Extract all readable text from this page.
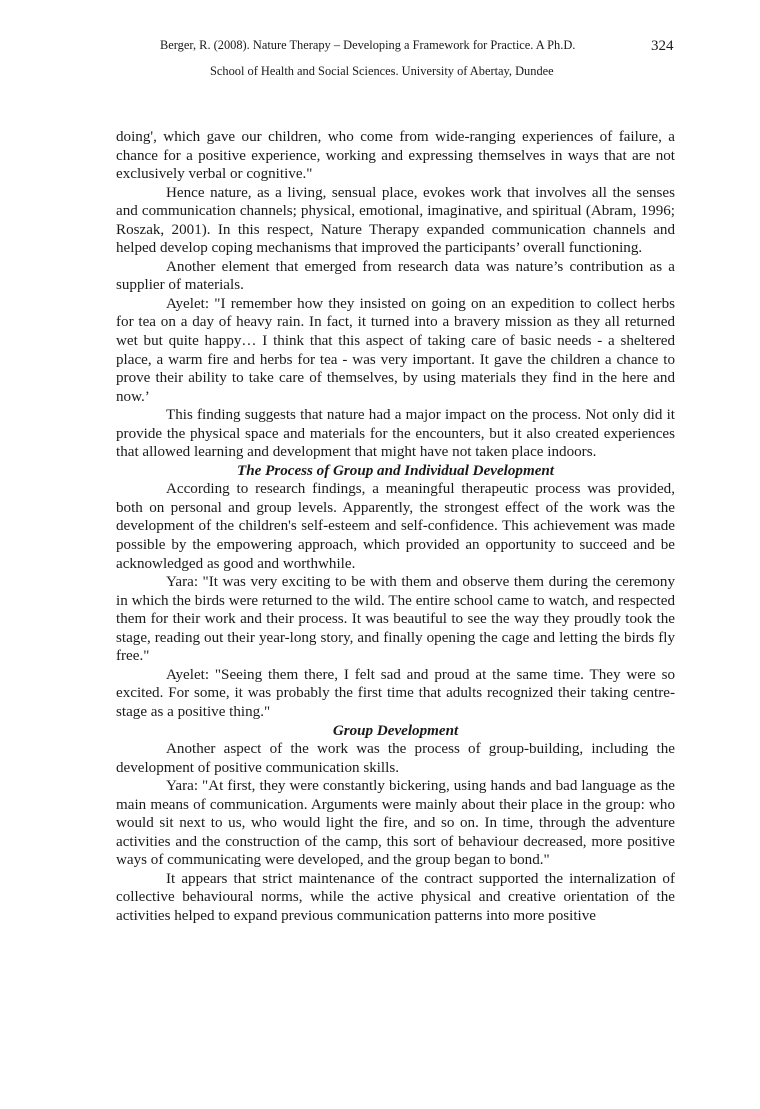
Berger, R. (2008). Nature Therapy – Developing a Framework for Practice. A Ph.D.
School of Health and Social Sciences. University of Abertay, Dundee
324

doing', which gave our children, who come from wide-ranging experiences of failure, a chance for a positive experience, working and expressing themselves in ways that are not exclusively verbal or cognitive."

Hence nature, as a living, sensual place, evokes work that involves all the senses and communication channels; physical, emotional, imaginative, and spiritual (Abram, 1996; Roszak, 2001). In this respect, Nature Therapy expanded communication channels and helped develop coping mechanisms that improved the participants’ overall functioning.

Another element that emerged from research data was nature’s contribution as a supplier of materials.

Ayelet: "I remember how they insisted on going on an expedition to collect herbs for tea on a day of heavy rain. In fact, it turned into a bravery mission as they all returned wet but quite happy… I think that this aspect of taking care of basic needs - a sheltered place, a warm fire and herbs for tea - was very important. It gave the children a chance to prove their ability to take care of themselves, by using materials they find in the here and now.’

This finding suggests that nature had a major impact on the process. Not only did it provide the physical space and materials for the encounters, but it also created experiences that allowed learning and development that might have not taken place indoors.

The Process of Group and Individual Development

According to research findings, a meaningful therapeutic process was provided, both on personal and group levels. Apparently, the strongest effect of the work was the development of the children's self-esteem and self-confidence. This achievement was made possible by the empowering approach, which provided an opportunity to succeed and be acknowledged as good and worthwhile.

Yara: "It was very exciting to be with them and observe them during the ceremony in which the birds were returned to the wild. The entire school came to watch, and respected them for their work and their process. It was beautiful to see the way they proudly took the stage, reading out their year-long story, and finally opening the cage and letting the birds fly free."

Ayelet: "Seeing them there, I felt sad and proud at the same time. They were so excited. For some, it was probably the first time that adults recognized their taking centre-stage as a positive thing."

Group Development

Another aspect of the work was the process of group-building, including the development of positive communication skills.

Yara: "At first, they were constantly bickering, using hands and bad language as the main means of communication. Arguments were mainly about their place in the group: who would sit next to us, who would light the fire, and so on. In time, through the adventure activities and the construction of the camp, this sort of behaviour decreased, more positive ways of communicating were developed, and the group began to bond."

It appears that strict maintenance of the contract supported the internalization of collective behavioural norms, while the active physical and creative orientation of the activities helped to expand previous communication patterns into more positive
